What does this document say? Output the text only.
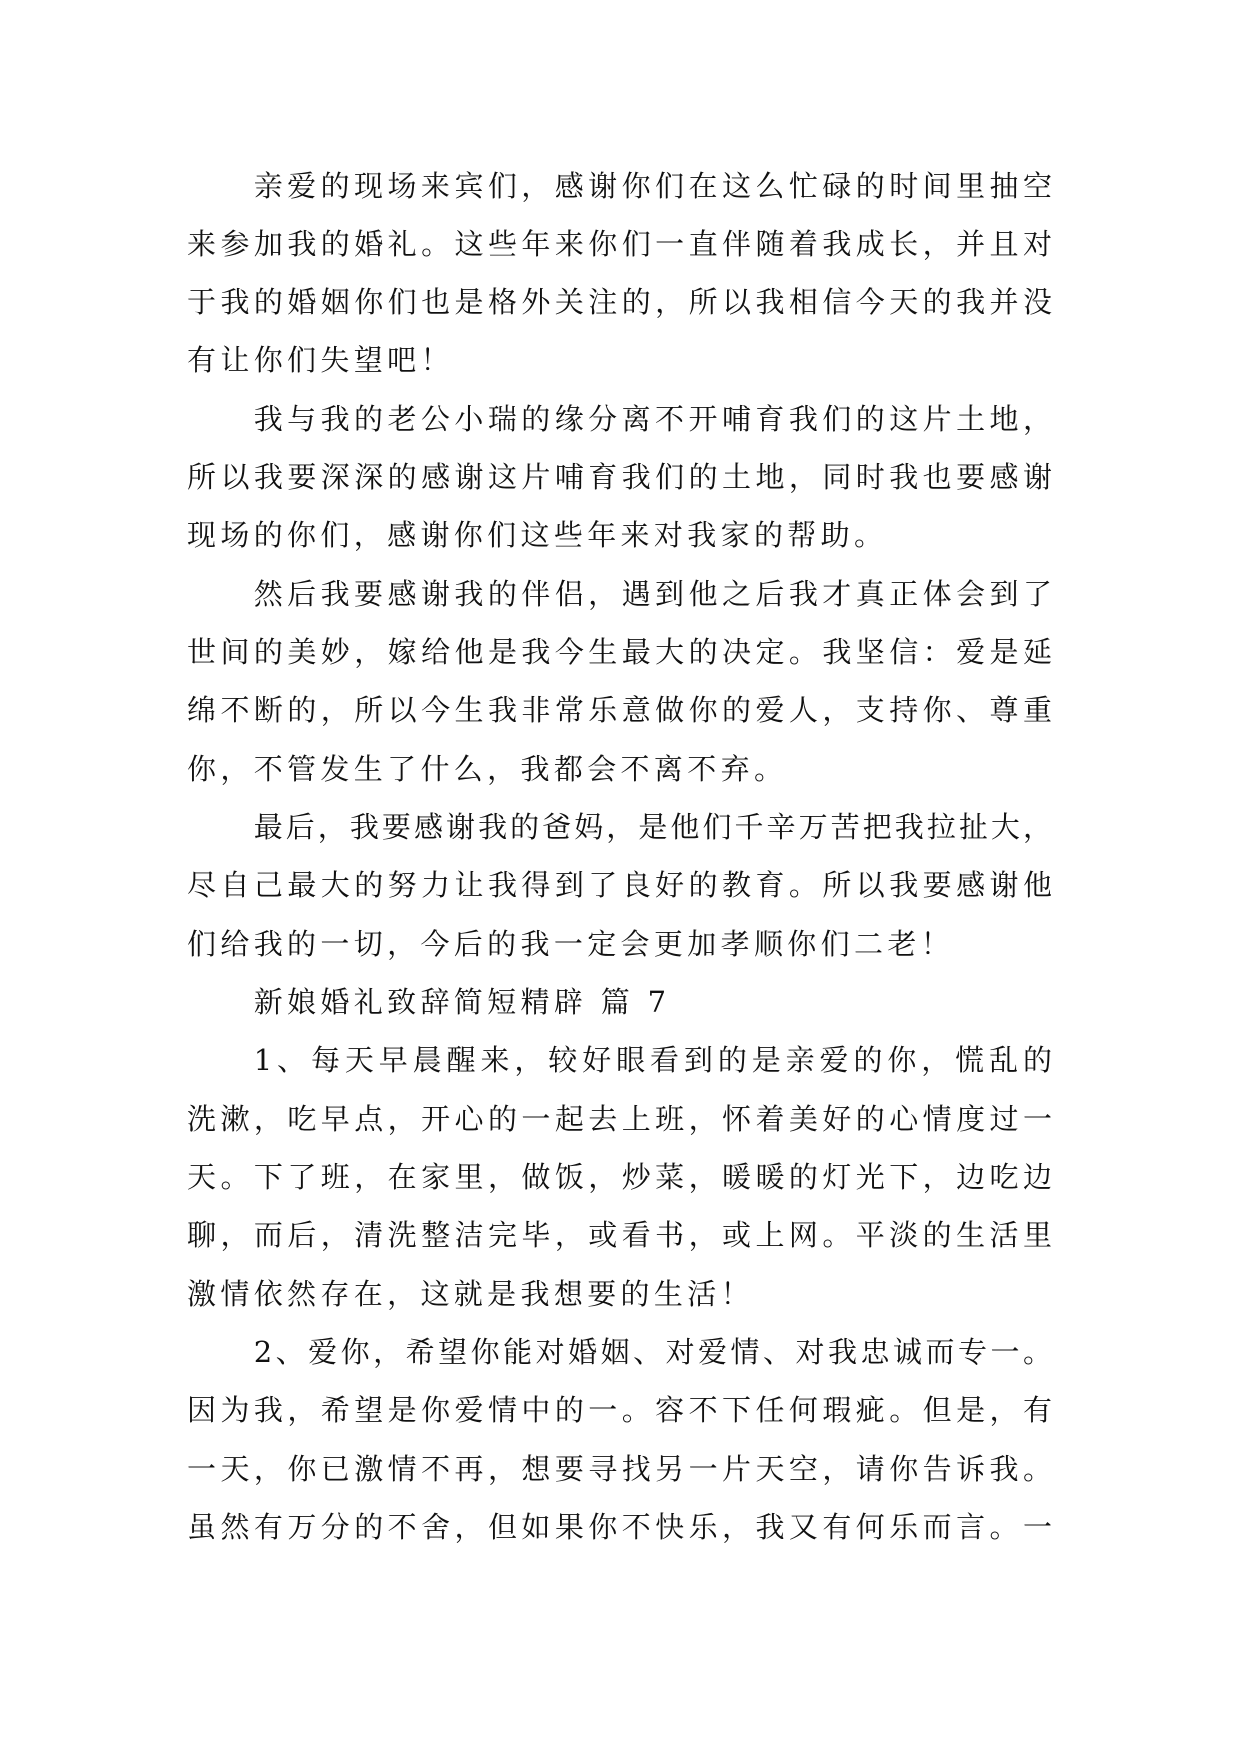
亲爱的现场来宾们，感谢你们在这么忙碌的时间里抽空
来参加我的婚礼。这些年来你们一直伴随着我成长，并且对
于我的婚姻你们也是格外关注的，所以我相信今天的我并没
有让你们失望吧！
我与我的老公小瑞的缘分离不开哺育我们的这片土地，
所以我要深深的感谢这片哺育我们的土地，同时我也要感谢
现场的你们，感谢你们这些年来对我家的帮助。
然后我要感谢我的伴侣，遇到他之后我才真正体会到了
世间的美妙，嫁给他是我今生最大的决定。我坚信：爱是延
绵不断的，所以今生我非常乐意做你的爱人，支持你、尊重
你，不管发生了什么，我都会不离不弃。
最后，我要感谢我的爸妈，是他们千辛万苦把我拉扯大，
尽自己最大的努力让我得到了良好的教育。所以我要感谢他
们给我的一切，今后的我一定会更加孝顺你们二老！
新娘婚礼致辞简短精辟 篇 7
1、每天早晨醒来，较好眼看到的是亲爱的你，慌乱的
洗漱，吃早点，开心的一起去上班，怀着美好的心情度过一
天。下了班，在家里，做饭，炒菜，暖暖的灯光下，边吃边
聊，而后，清洗整洁完毕，或看书，或上网。平淡的生活里
激情依然存在，这就是我想要的生活！
2、爱你，希望你能对婚姻、对爱情、对我忠诚而专一。
因为我，希望是你爱情中的一。容不下任何瑕疵。但是，有
一天，你已激情不再，想要寻找另一片天空，请你告诉我。
虽然有万分的不舍，但如果你不快乐，我又有何乐而言。一
